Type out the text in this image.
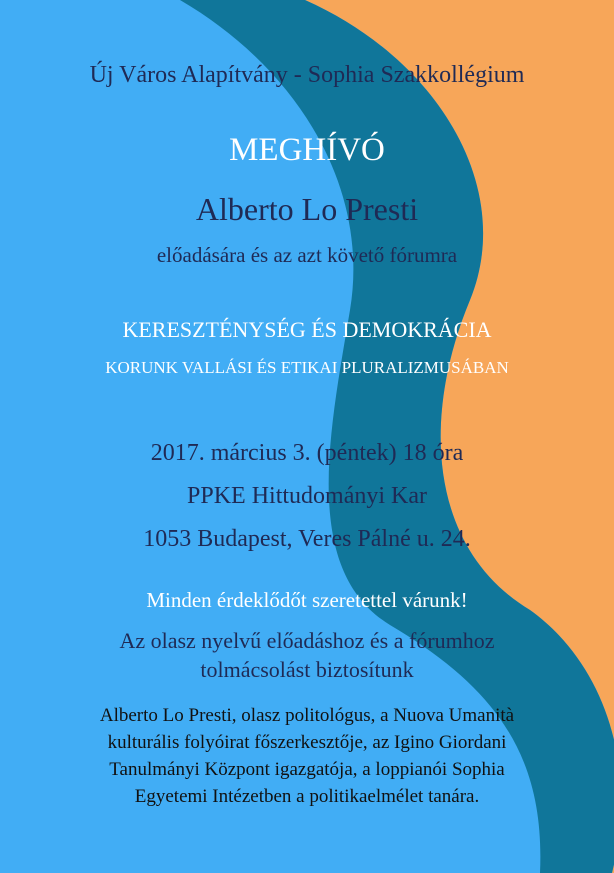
Új Város Alapítvány - Sophia Szakkollégium
MEGHÍVÓ
Alberto Lo Presti
előadására és az azt követő fórumra
KERESZTÉNYSÉG ÉS DEMOKRÁCIA
KORUNK VALLÁSI ÉS ETIKAI PLURALIZMUSÁBAN
2017. március 3. (péntek) 18 óra
PPKE Hittudományi Kar
1053 Budapest, Veres Pálné u. 24.
Minden érdeklődőt szeretettel várunk!
Az olasz nyelvű előadáshoz és a fórumhoz
tolmácsolást biztosítunk
Alberto Lo Presti, olasz politológus, a Nuova Umanità
kulturális folyóirat főszerkesztője, az Igino Giordani
Tanulmányi Központ igazgatója, a loppianói Sophia
Egyetemi Intézetben a politikaelmélet tanára.
